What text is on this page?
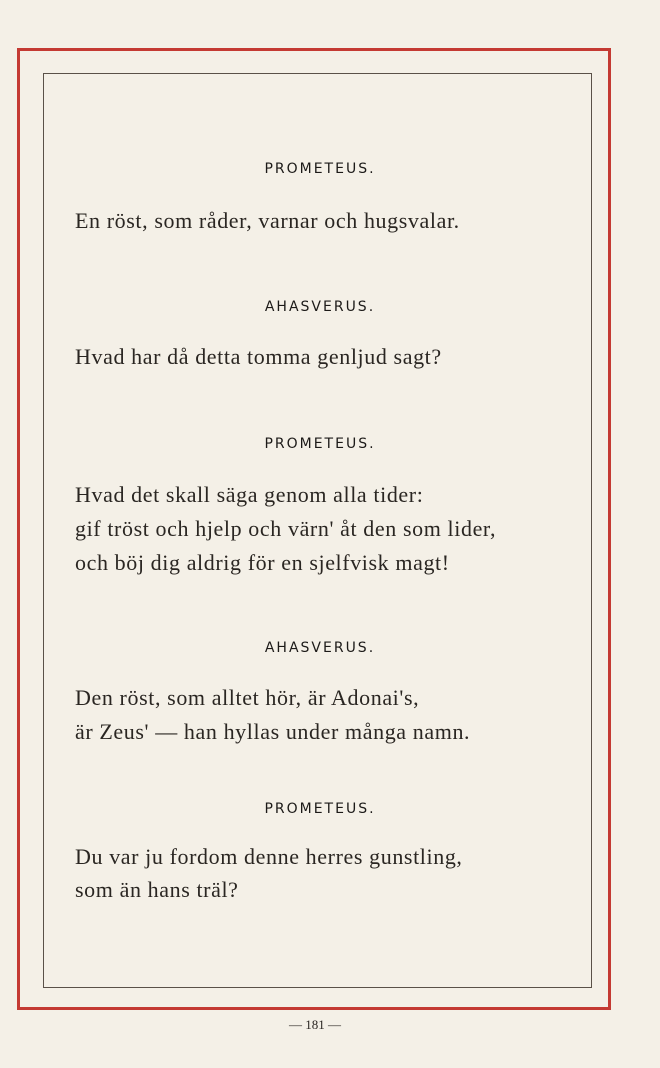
PROMETEUS.
En röst, som råder, varnar och hugsvalar.
AHASVERUS.
Hvad har då detta tomma genljud sagt?
PROMETEUS.
Hvad det skall säga genom alla tider:
gif tröst och hjelp och värn' åt den som lider,
och böj dig aldrig för en sjelfvisk magt!
AHASVERUS.
Den röst, som alltet hör, är Adonai's,
är Zeus' — han hyllas under många namn.
PROMETEUS.
Du var ju fordom denne herres gunstling,
som än hans träl?
— 181 —
